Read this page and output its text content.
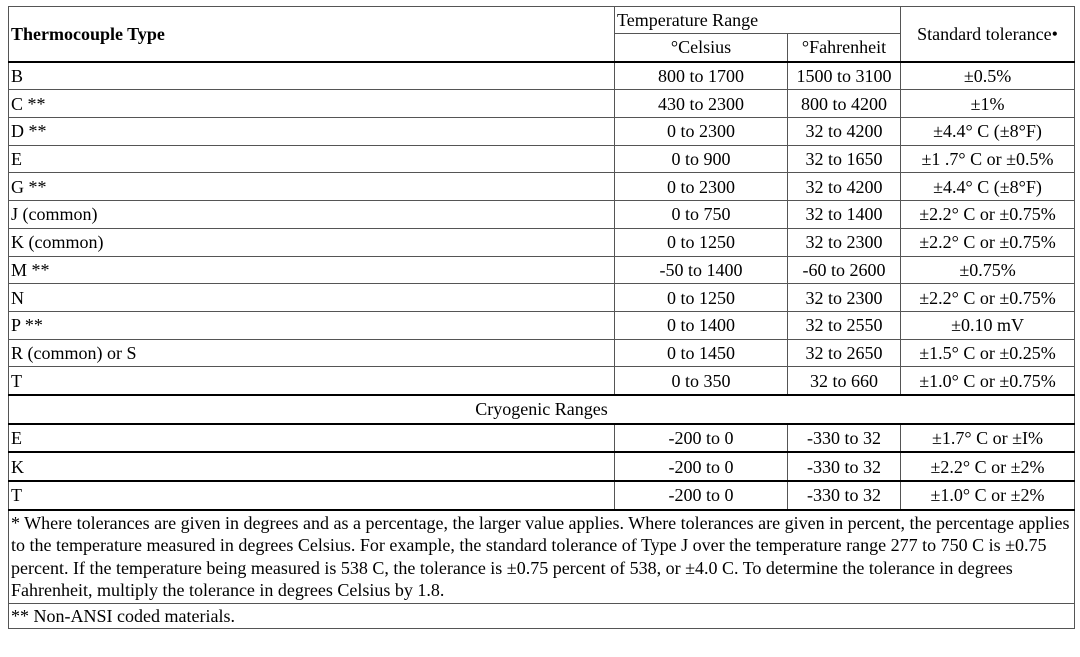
Thermocouple Type	Temperature Range		Standard tolerance•
	°Celsius	°Fahrenheit	
B	800 to 1700	1500 to 3100	±0.5%
C **	430 to 2300	800 to 4200	±1%
D **	0 to 2300	32 to 4200	±4.4° C (±8°F)
E	0 to 900	32 to 1650	±1 .7° C or ±0.5%
G **	0 to 2300	32 to 4200	±4.4° C (±8°F)
J (common)	0 to 750	32 to 1400	±2.2° C or ±0.75%
K (common)	0 to 1250	32 to 2300	±2.2° C or ±0.75%
M **	-50 to 1400	-60 to 2600	±0.75%
N	0 to 1250	32 to 2300	±2.2° C or ±0.75%
P **	0 to 1400	32 to 2550	±0.10 mV
R (common) or S	0 to 1450	32 to 2650	±1.5° C or ±0.25%
T	0 to 350	32 to 660	±1.0° C or ±0.75%
Cryogenic Ranges			
E	-200 to 0	-330 to 32	±1.7° C or ±I%
K	-200 to 0	-330 to 32	±2.2° C or ±2%
T	-200 to 0	-330 to 32	±1.0° C or ±2%
* Where tolerances are given in degrees and as a percentage, the larger value applies. Where tolerances are given in percent, the percentage applies to the temperature measured in degrees Celsius. For example, the standard tolerance of Type J over the temperature range 277 to 750 C is ±0.75 percent. If the temperature being measured is 538 C, the tolerance is ±0.75 percent of 538, or ±4.0 C. To determine the tolerance in degrees Fahrenheit, multiply the tolerance in degrees Celsius by 1.8.			
** Non-ANSI coded materials.			
